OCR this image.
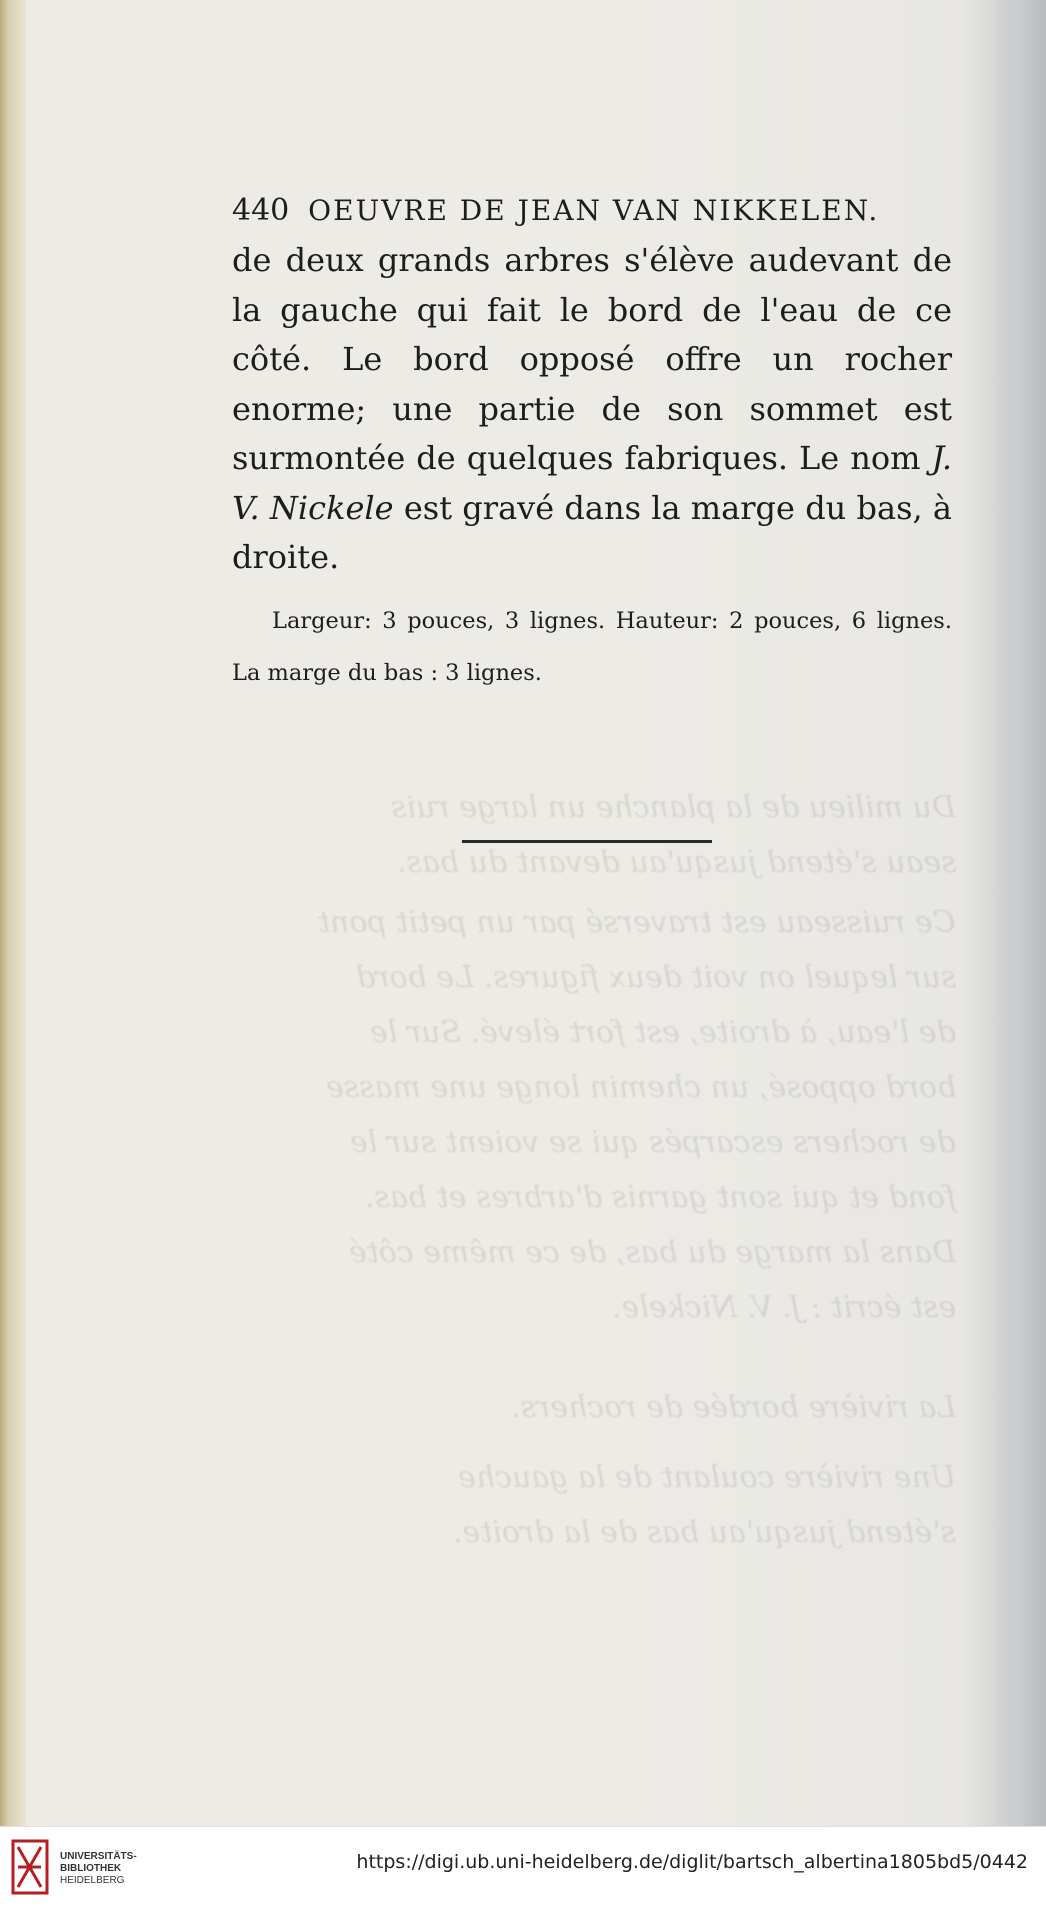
Du milieu de la planche un large ruis
seau s'étend jusqu'au devant du bas.
Ce ruisseau est traversé par un petit pont
sur lequel on voit deux figures. Le bord
de l'eau, à droite, est fort élevé. Sur le
bord opposé, un chemin longe une masse
de rochers escarpés qui se voient sur le
fond et qui sont garnis d'arbres et bas.
Dans la marge du bas, de ce même côté
est écrit : J. V. Nickele.
La rivière bordée de rochers.
Une rivière coulant de la gauche
s'étend jusqu'au bas de la droite.
440 OEUVRE DE JEAN VAN NIKKELEN.

de deux grands arbres s'élève audevant de la gauche qui fait le bord de l'eau de ce côté. Le bord opposé offre un rocher enorme; une partie de son sommet est surmontée de quelques fabriques. Le nom J. V. Nickele est gravé dans la marge du bas, à droite.

Largeur: 3 pouces, 3 lignes. Hauteur: 2 pouces, 6 lignes. La marge du bas : 3 lignes.
UNIVERSITÄTS-
BIBLIOTHEK
HEIDELBERG
https://digi.ub.uni-heidelberg.de/diglit/bartsch_albertina1805bd5/0442
